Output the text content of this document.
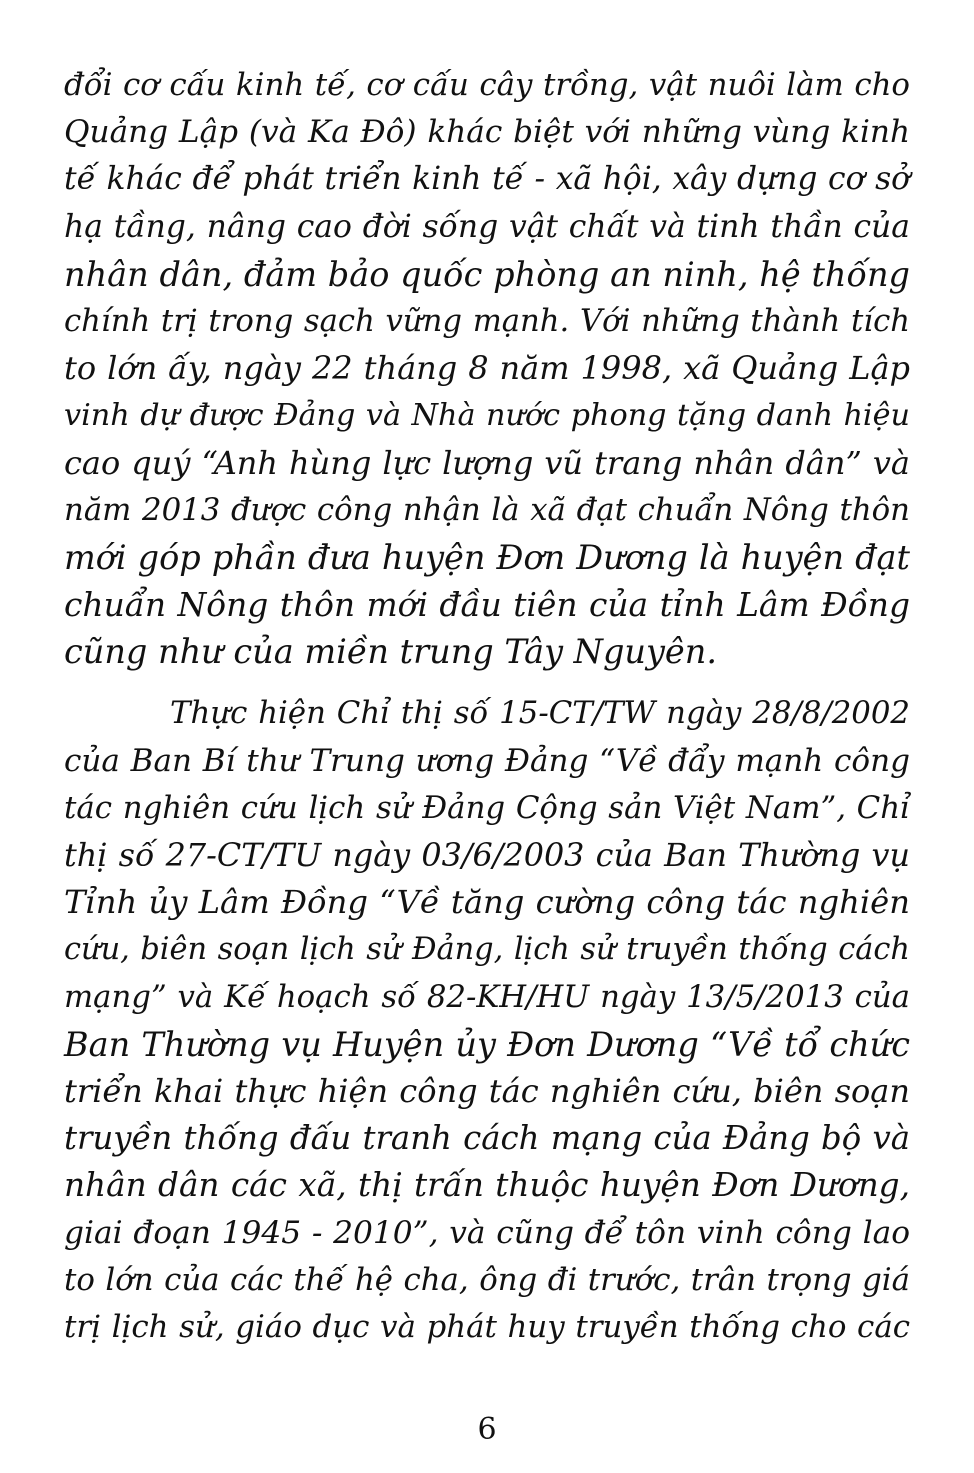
đổi cơ cấu kinh tế, cơ cấu cây trồng, vật nuôi làm cho
Quảng Lập (và Ka Đô) khác biệt với những vùng kinh
tế khác để phát triển kinh tế - xã hội, xây dựng cơ sở
hạ tầng, nâng cao đời sống vật chất và tinh thần của
nhân dân, đảm bảo quốc phòng an ninh, hệ thống
chính trị trong sạch vững mạnh. Với những thành tích
to lớn ấy, ngày 22 tháng 8 năm 1998, xã Quảng Lập
vinh dự được Đảng và Nhà nước phong tặng danh hiệu
cao quý “Anh hùng lực lượng vũ trang nhân dân” và
năm 2013 được công nhận là xã đạt chuẩn Nông thôn
mới góp phần đưa huyện Đơn Dương là huyện đạt
chuẩn Nông thôn mới đầu tiên của tỉnh Lâm Đồng
cũng như của miền trung Tây Nguyên.

Thực hiện Chỉ thị số 15-CT/TW ngày 28/8/2002
của Ban Bí thư Trung ương Đảng “Về đẩy mạnh công
tác nghiên cứu lịch sử Đảng Cộng sản Việt Nam”, Chỉ
thị số 27-CT/TU ngày 03/6/2003 của Ban Thường vụ
Tỉnh ủy Lâm Đồng “Về tăng cường công tác nghiên
cứu, biên soạn lịch sử Đảng, lịch sử truyền thống cách
mạng” và Kế hoạch số 82-KH/HU ngày 13/5/2013 của
Ban Thường vụ Huyện ủy Đơn Dương “Về tổ chức
triển khai thực hiện công tác nghiên cứu, biên soạn
truyền thống đấu tranh cách mạng của Đảng bộ và
nhân dân các xã, thị trấn thuộc huyện Đơn Dương,
giai đoạn 1945 - 2010”, và cũng để tôn vinh công lao
to lớn của các thế hệ cha, ông đi trước, trân trọng giá
trị lịch sử, giáo dục và phát huy truyền thống cho các

6
